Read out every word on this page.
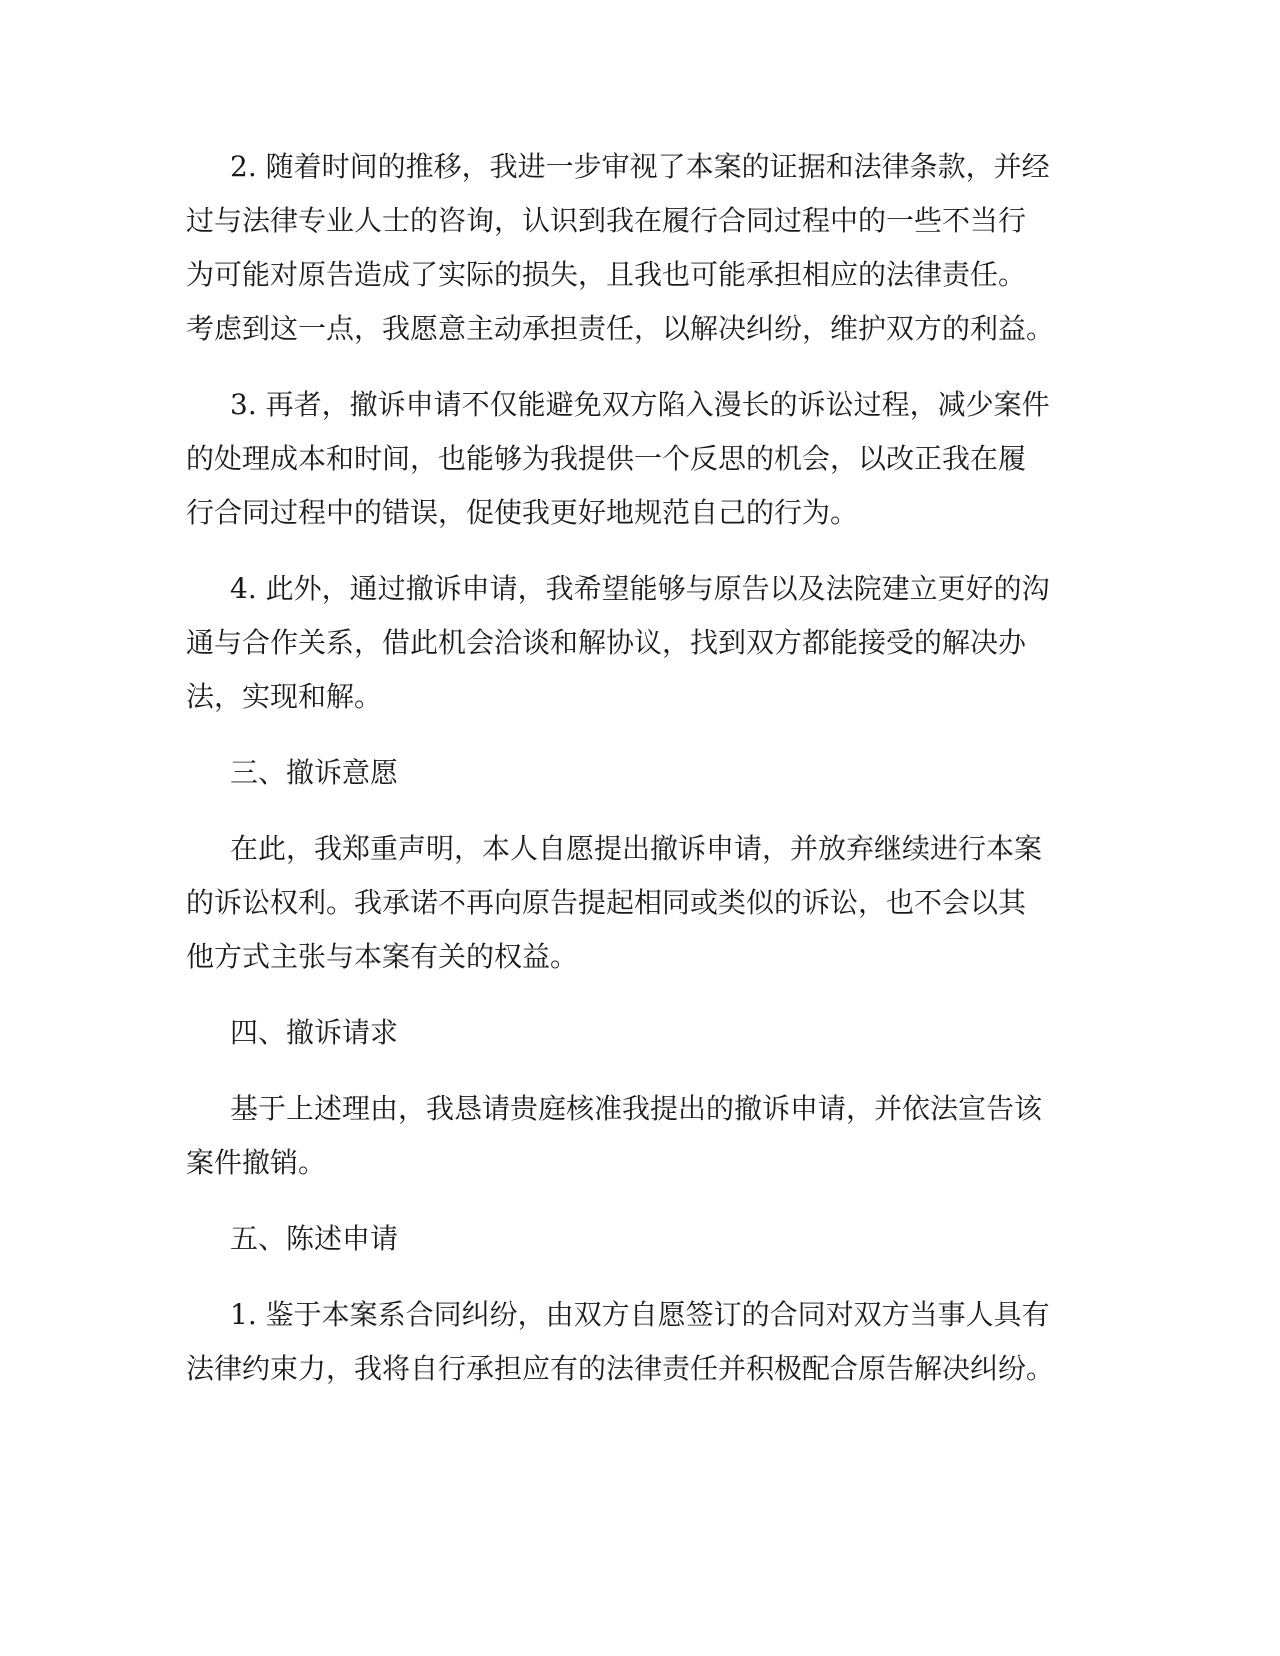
2. 随着时间的推移，我进一步审视了本案的证据和法律条款，并经
过与法律专业人士的咨询，认识到我在履行合同过程中的一些不当行
为可能对原告造成了实际的损失，且我也可能承担相应的法律责任。
考虑到这一点，我愿意主动承担责任，以解决纠纷，维护双方的利益。

3. 再者，撤诉申请不仅能避免双方陷入漫长的诉讼过程，减少案件
的处理成本和时间，也能够为我提供一个反思的机会，以改正我在履
行合同过程中的错误，促使我更好地规范自己的行为。

4. 此外，通过撤诉申请，我希望能够与原告以及法院建立更好的沟
通与合作关系，借此机会洽谈和解协议，找到双方都能接受的解决办
法，实现和解。

三、撤诉意愿

在此，我郑重声明，本人自愿提出撤诉申请，并放弃继续进行本案
的诉讼权利。我承诺不再向原告提起相同或类似的诉讼，也不会以其
他方式主张与本案有关的权益。

四、撤诉请求

基于上述理由，我恳请贵庭核准我提出的撤诉申请，并依法宣告该
案件撤销。

五、陈述申请

1. 鉴于本案系合同纠纷，由双方自愿签订的合同对双方当事人具有
法律约束力，我将自行承担应有的法律责任并积极配合原告解决纠纷。
